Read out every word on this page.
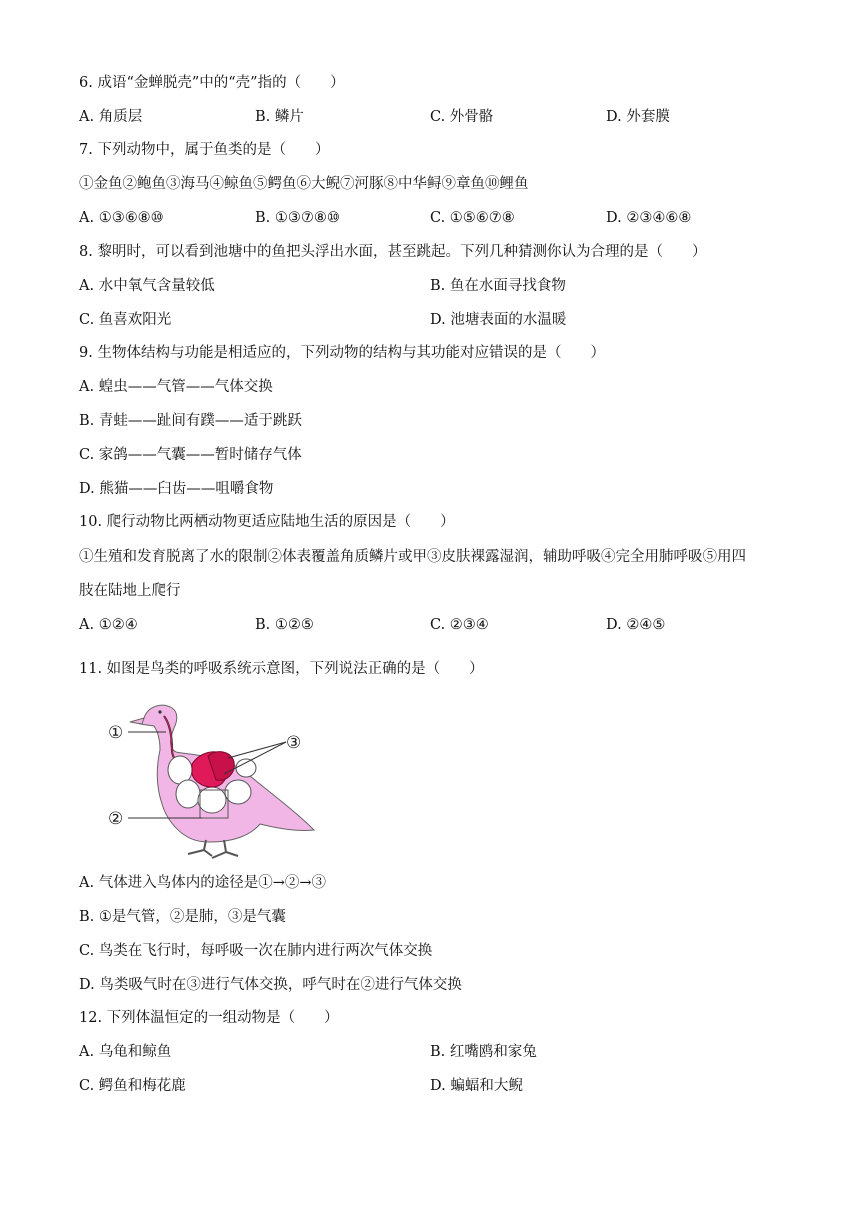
6. 成语“金蝉脱壳”中的“壳”指的（　　）
A. 角质层	B. 鳞片	C. 外骨骼	D. 外套膜
7. 下列动物中，属于鱼类的是（　　）
①金鱼②鲍鱼③海马④鲸鱼⑤鳄鱼⑥大鲵⑦河豚⑧中华鲟⑨章鱼⑩鲤鱼
A. ①③⑥⑧⑩	B. ①③⑦⑧⑩	C. ①⑤⑥⑦⑧	D. ②③④⑥⑧
8. 黎明时，可以看到池塘中的鱼把头浮出水面，甚至跳起。下列几种猜测你认为合理的是（　　）
A. 水中氧气含量较低	B. 鱼在水面寻找食物
C. 鱼喜欢阳光	D. 池塘表面的水温暖
9. 生物体结构与功能是相适应的，下列动物的结构与其功能对应错误的是（　　）
A. 蝗虫——气管——气体交换
B. 青蛙——趾间有蹼——适于跳跃
C. 家鸽——气囊——暂时储存气体
D. 熊猫——臼齿——咀嚼食物
10. 爬行动物比两栖动物更适应陆地生活的原因是（　　）
①生殖和发育脱离了水的限制②体表覆盖角质鳞片或甲③皮肤裸露湿润，辅助呼吸④完全用肺呼吸⑤用四
肢在陆地上爬行
A. ①②④	B. ①②⑤	C. ②③④	D. ②④⑤
11. 如图是鸟类的呼吸系统示意图，下列说法正确的是（　　）
①
②
③
A. 气体进入鸟体内的途径是①→②→③
B. ①是气管，②是肺，③是气囊
C. 鸟类在飞行时，每呼吸一次在肺内进行两次气体交换
D. 鸟类吸气时在③进行气体交换，呼气时在②进行气体交换
12. 下列体温恒定的一组动物是（　　）
A. 乌龟和鲸鱼	B. 红嘴鸥和家兔
C. 鳄鱼和梅花鹿	D. 蝙蝠和大鲵
